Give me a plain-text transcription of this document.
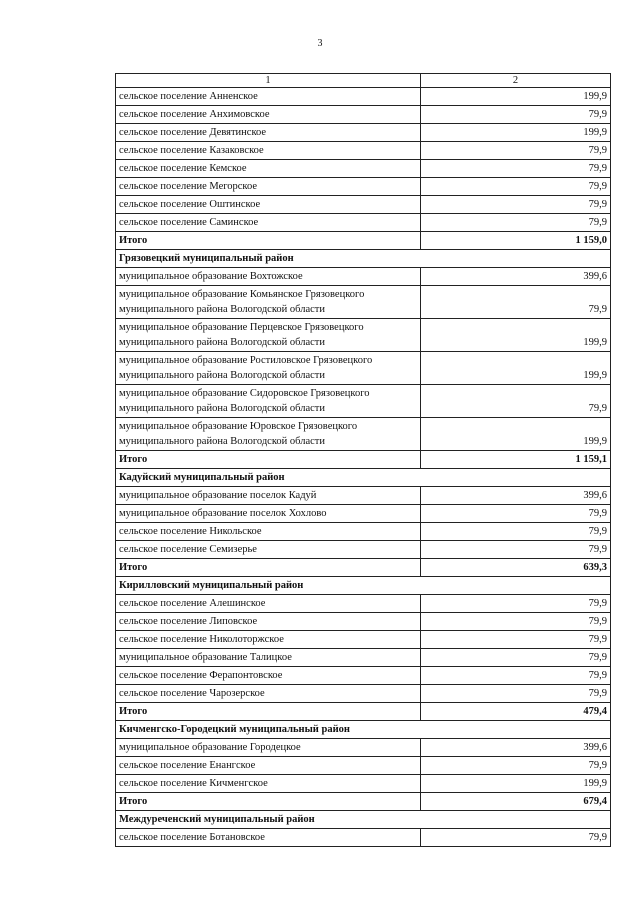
3
1	2
сельское поселение Анненское	199,9
сельское поселение Анхимовское	79,9
сельское поселение Девятинское	199,9
сельское поселение Казаковское	79,9
сельское поселение Кемское	79,9
сельское поселение Мегорское	79,9
сельское поселение Оштинское	79,9
сельское поселение Саминское	79,9
Итого	1 159,0
Грязовецкий муниципальный район	
муниципальное образование Вохтожское	399,6
муниципальное образование Комьянское Грязовецкого муниципального района Вологодской области	79,9
муниципальное образование Перцевское Грязовецкого муниципального района Вологодской области	199,9
муниципальное образование Ростиловское Грязовецкого муниципального района Вологодской области	199,9
муниципальное образование Сидоровское Грязовецкого муниципального района Вологодской области	79,9
муниципальное образование Юровское Грязовецкого муниципального района Вологодской области	199,9
Итого	1 159,1
Кадуйский муниципальный район	
муниципальное образование поселок Кадуй	399,6
муниципальное образование поселок Хохлово	79,9
сельское поселение Никольское	79,9
сельское поселение Семизерье	79,9
Итого	639,3
Кирилловский муниципальный район	
сельское поселение Алешинское	79,9
сельское поселение Липовское	79,9
сельское поселение Николоторжское	79,9
муниципальное образование Талицкое	79,9
сельское поселение Ферапонтовское	79,9
сельское поселение Чарозерское	79,9
Итого	479,4
Кичменгско-Городецкий муниципальный район	
муниципальное образование Городецкое	399,6
сельское поселение Енангское	79,9
сельское поселение Кичменгское	199,9
Итого	679,4
Междуреченский муниципальный район	
сельское поселение Ботановское	79,9
